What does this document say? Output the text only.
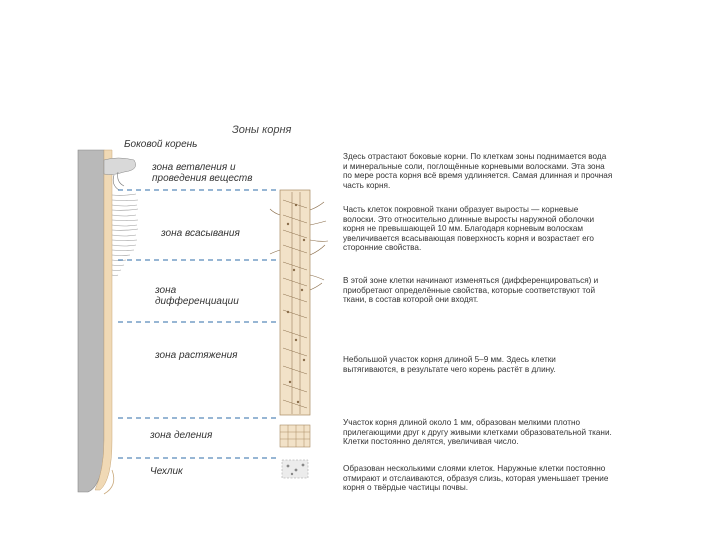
Зоны корня
Боковой корень
зона ветвления и проведения веществ
зона всасывания
зона дифференциации
зона растяжения
зона деления
Чехлик
Здесь отрастают боковые корни. По клеткам зоны поднимается вода и минеральные соли, поглощённые корневыми волосками. Эта зона по мере роста корня всё время удлиняется. Самая длинная и прочная часть корня.
Часть клеток покровной ткани образует выросты — корневые волоски. Это относительно длинные выросты наружной оболочки корня не превышающей 10 мм. Благодаря корневым волоскам увеличивается всасывающая поверхность корня и возрастает его сторонние свойства.
В этой зоне клетки начинают изменяться (дифференцироваться) и приобретают определённые свойства, которые соответствуют той ткани, в состав которой они входят.
Небольшой участок корня длиной 5–9 мм. Здесь клетки вытягиваются, в результате чего корень растёт в длину.
Участок корня длиной около 1 мм, образован мелкими плотно прилегающими друг к другу живыми клетками образовательной ткани. Клетки постоянно делятся, увеличивая число.
Образован несколькими слоями клеток. Наружные клетки постоянно отмирают и отслаиваются, образуя слизь, которая уменьшает трение корня о твёрдые частицы почвы.
